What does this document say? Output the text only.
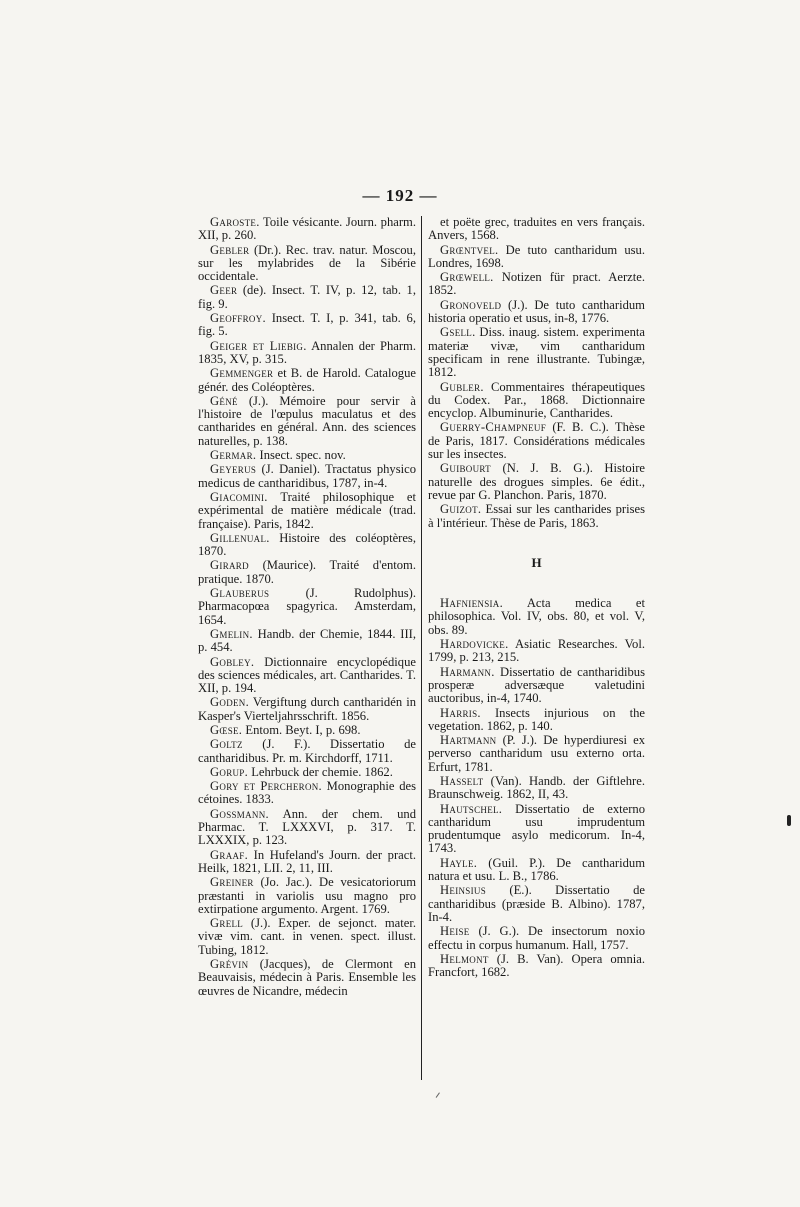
— 192 —
Garoste. Toile vésicante. Journ. pharm. XII, p. 260.
Gebler (Dr.). Rec. trav. natur. Moscou, sur les mylabrides de la Sibérie occidentale.
Geer (de). Insect. T. IV, p. 12, tab. 1, fig. 9.
Geoffroy. Insect. T. I, p. 341, tab. 6, fig. 5.
Geiger et Liebig. Annalen der Pharm. 1835, XV, p. 315.
Gemmenger et B. de Harold. Catalogue génér. des Coléoptères.
Géné (J.). Mémoire pour servir à l'histoire de l'œpulus maculatus et des cantharides en général. Ann. des sciences naturelles, p. 138.
Germar. Insect. spec. nov.
Geyerus (J. Daniel). Tractatus physico medicus de cantharidibus, 1787, in-4.
Giacomini. Traité philosophique et expérimental de matière médicale (trad. française). Paris, 1842.
Gillenual. Histoire des coléoptères, 1870.
Girard (Maurice). Traité d'entom. pratique. 1870.
Glauberus	(J. Rudolphus). Pharmacopœa spagyrica. Amsterdam, 1654.
Gmelin. Handb. der Chemie, 1844. III, p. 454.
Gobley. Dictionnaire encyclopédique des sciences médicales, art. Cantharides. T. XII, p. 194.
Goden. Vergiftung durch cantharidén in Kasper's Vierteljahrsschrift. 1856.
Gœse. Entom. Beyt. I, p. 698.
Goltz (J. F.). Dissertatio de cantharidibus. Pr. m. Kirchdorff, 1711.
Gorup. Lehrbuck der chemie. 1862.
Gory et Percheron. Monographie des cétoines. 1833.
Gossmann. Ann. der chem. und Pharmac. T. LXXXVI, p. 317. T. LXXXIX, p. 123.
Graaf. In Hufeland's Journ. der pract. Heilk, 1821, LII. 2, 11, III.
Greiner (Jo. Jac.). De vesicatoriorum præstanti in variolis usu magno pro extirpatione argumento. Argent. 1769.
Grell (J.). Exper. de sejonct. mater. vivæ vim. cant. in venen. spect. illust. Tubing, 1812.
Grévin (Jacques), de Clermont en Beauvaisis, médecin à Paris. Ensemble les œuvres de Nicandre, médecin
et poëte grec, traduites en vers français. Anvers, 1568.
Grœntvel. De tuto cantharidum usu. Londres, 1698.
Grœwell. Notizen für pract. Aerzte. 1852.
Gronoveld (J.). De tuto cantharidum historia operatio et usus, in-8, 1776.
Gsell. Diss. inaug. sistem. experimenta materiæ vivæ, vim cantharidum specificam in rene illustrante. Tubingæ, 1812.
Gubler. Commentaires thérapeutiques du Codex. Par., 1868. Dictionnaire encyclop. Albuminurie, Cantharides.
Guerry-Champneuf (F. B. C.). Thèse de Paris, 1817. Considérations médicales sur les insectes.
Guibourt (N. J. B. G.). Histoire naturelle des drogues simples. 6e édit., revue par G. Planchon. Paris, 1870.
Guizot. Essai sur les cantharides prises à l'intérieur. Thèse de Paris, 1863.
H
Hafniensia. Acta medica et philosophica. Vol. IV, obs. 80, et vol. V, obs. 89.
Hardovicke. Asiatic Researches. Vol. 1799, p. 213, 215.
Harmann. Dissertatio de cantharidibus prosperæ adversæque valetudini auctoribus, in-4, 1740.
Harris. Insects injurious on the vegetation. 1862, p. 140.
Hartmann (P. J.). De hyperdiuresi ex perverso cantharidum usu externo orta. Erfurt, 1781.
Hasselt (Van). Handb. der Giftlehre. Braunschweig. 1862, II, 43.
Hautschel. Dissertatio de externo cantharidum usu imprudentum prudentumque asylo medicorum. In-4, 1743.
Hayle. (Guil. P.). De cantharidum natura et usu. L. B., 1786.
Heinsius (E.). Dissertatio de cantharidibus (præside B. Albino). 1787, In-4.
Heise (J. G.). De insectorum noxio effectu in corpus humanum. Hall, 1757.
Helmont (J. B. Van). Opera omnia. Francfort, 1682.
